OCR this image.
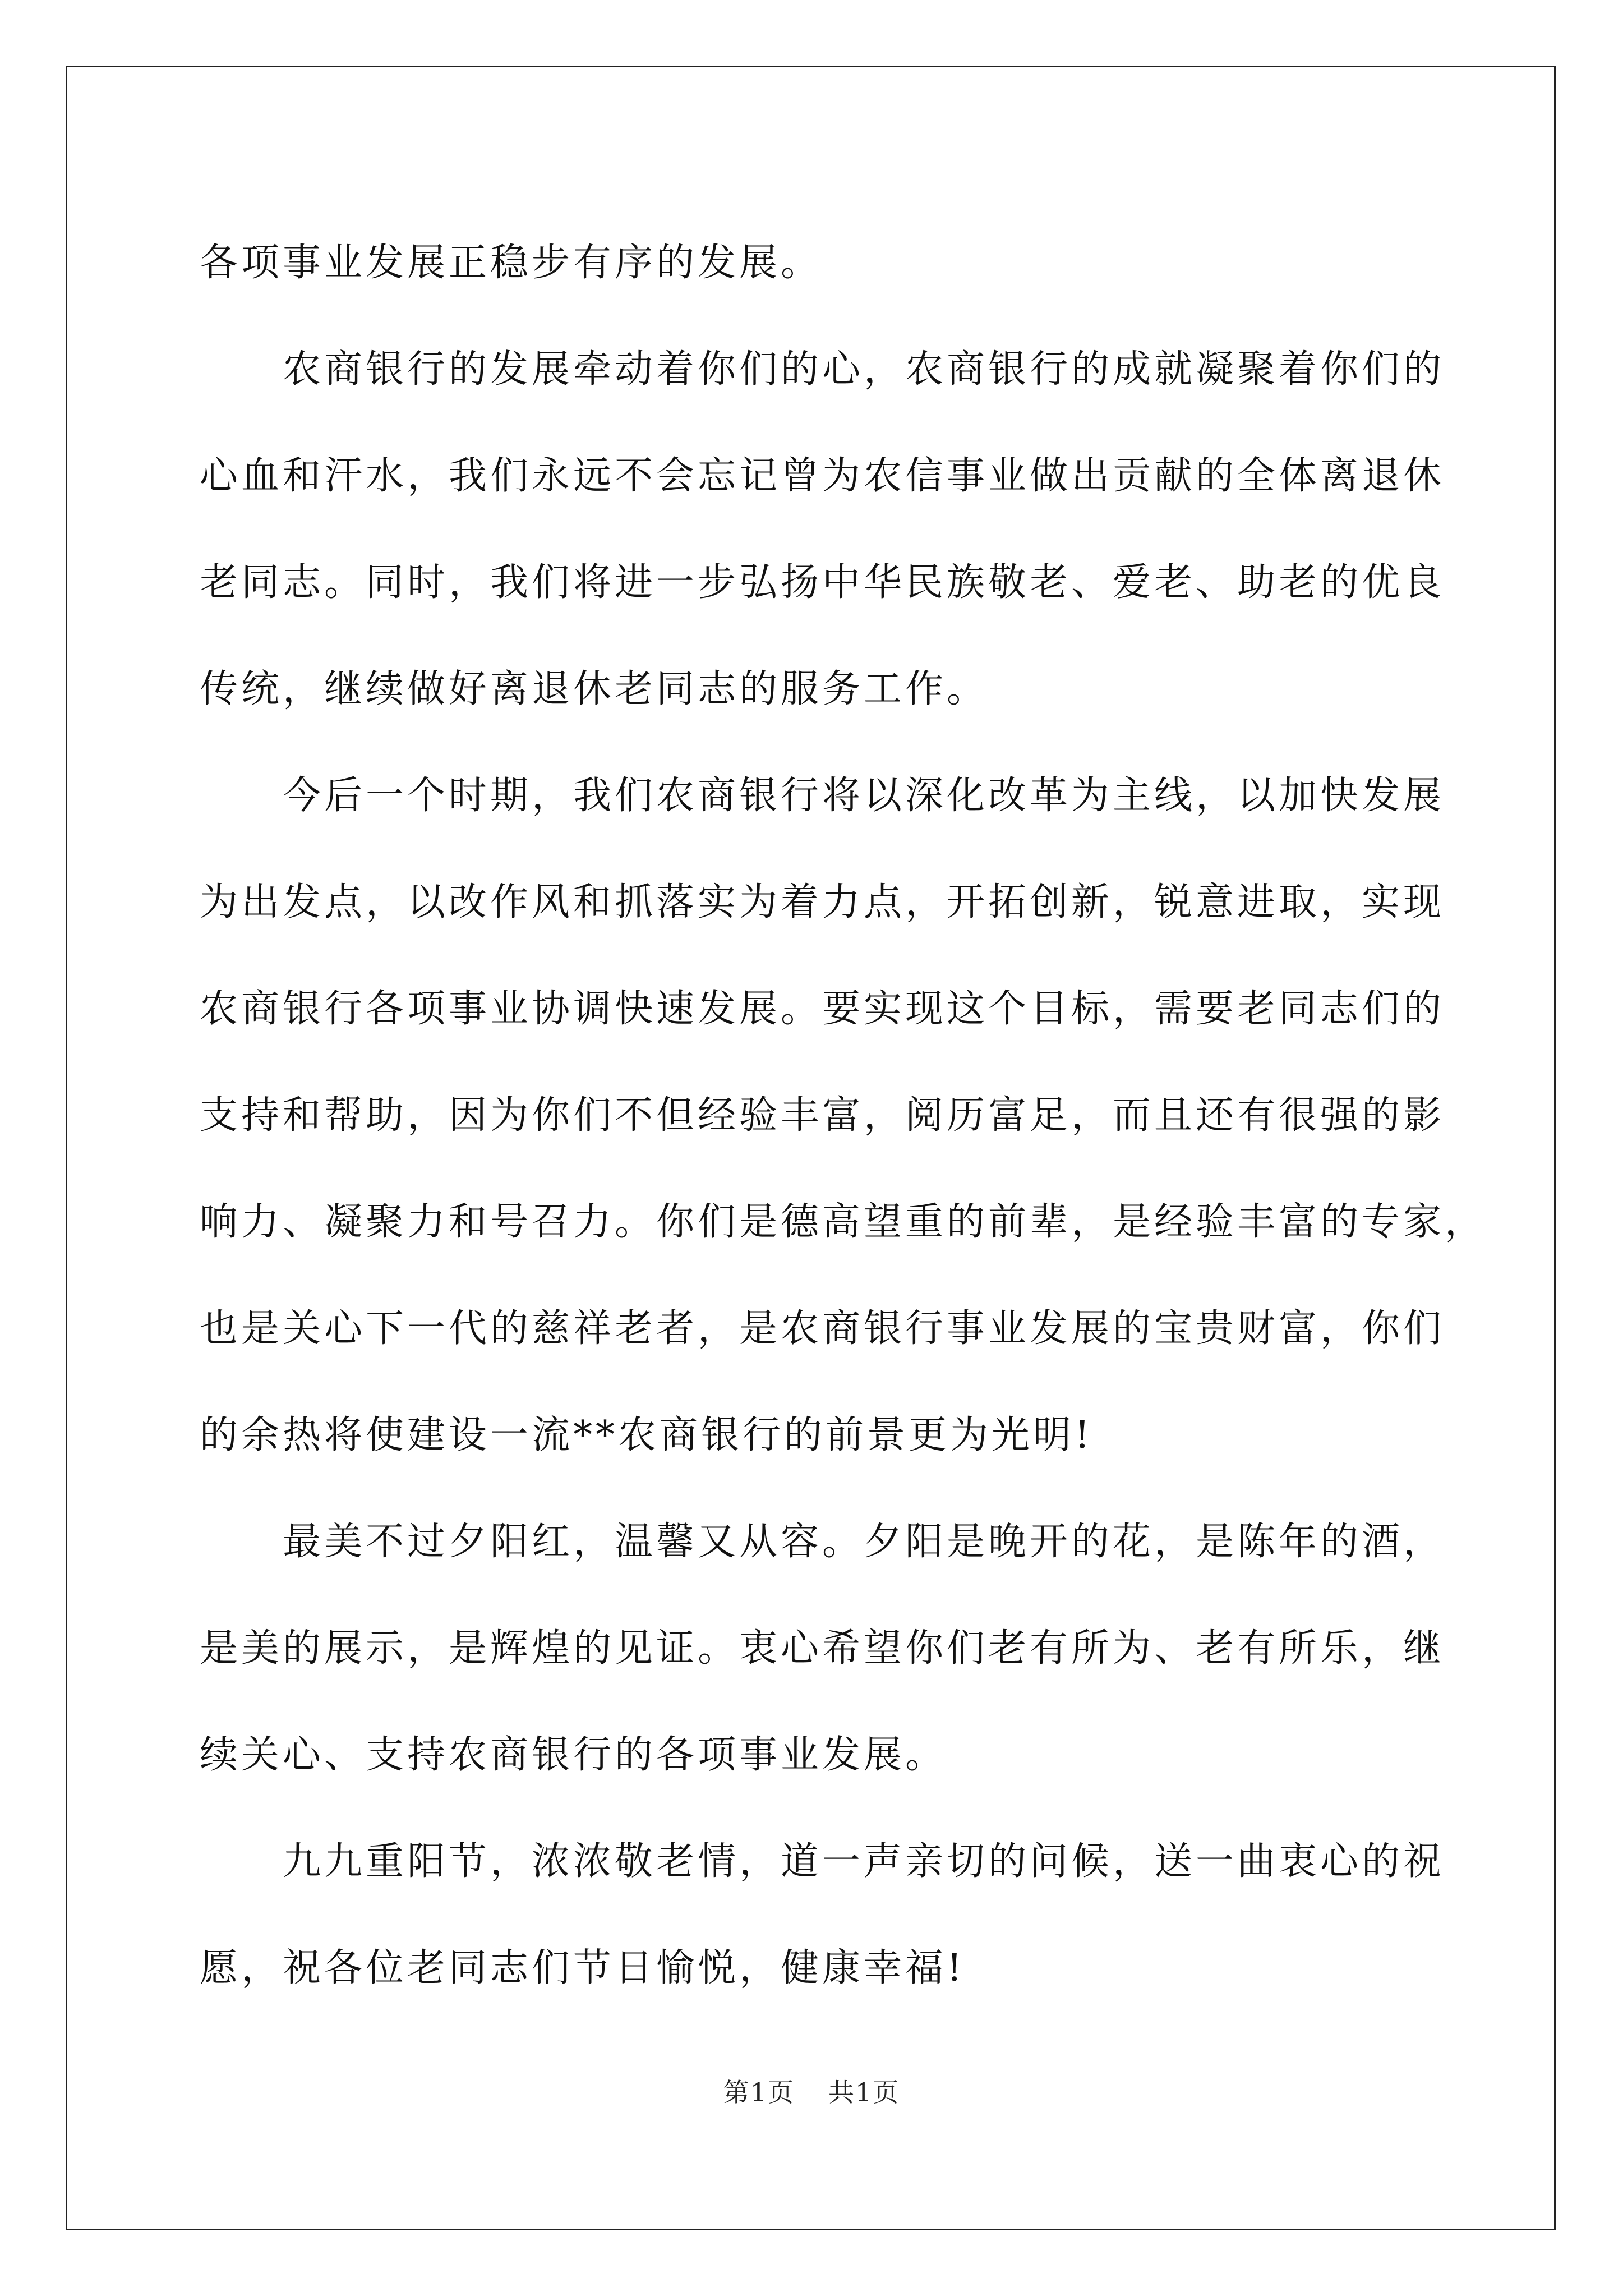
各项事业发展正稳步有序的发展。
农商银行的发展牵动着你们的心，农商银行的成就凝聚着你们的
心血和汗水，我们永远不会忘记曾为农信事业做出贡献的全体离退休
老同志。同时，我们将进一步弘扬中华民族敬老、爱老、助老的优良
传统，继续做好离退休老同志的服务工作。
今后一个时期，我们农商银行将以深化改革为主线，以加快发展
为出发点，以改作风和抓落实为着力点，开拓创新，锐意进取，实现
农商银行各项事业协调快速发展。要实现这个目标，需要老同志们的
支持和帮助，因为你们不但经验丰富，阅历富足，而且还有很强的影
响力、凝聚力和号召力。你们是德高望重的前辈，是经验丰富的专家，
也是关心下一代的慈祥老者，是农商银行事业发展的宝贵财富，你们
的余热将使建设一流**农商银行的前景更为光明!
最美不过夕阳红，温馨又从容。夕阳是晚开的花，是陈年的酒，
是美的展示，是辉煌的见证。衷心希望你们老有所为、老有所乐，继
续关心、支持农商银行的各项事业发展。
九九重阳节，浓浓敬老情，道一声亲切的问候，送一曲衷心的祝
愿，祝各位老同志们节日愉悦，健康幸福!
第1页 共1页
